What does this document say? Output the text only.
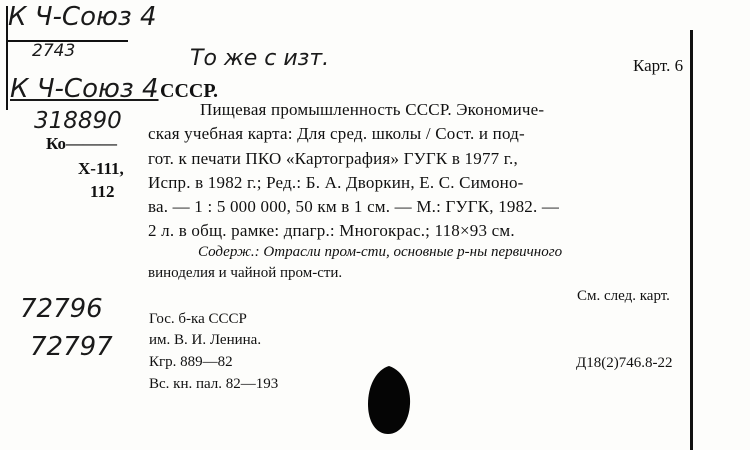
К Ч-Союз 4
2743
К Ч-Союз 4
То же с изт.	Карт. 6
СССР.
318890
Ко———
Х-111,
112
Пищевая промышленность СССР. Экономиче-
ская учебная карта: Для сред. школы / Сост. и под-
гот. к печати ПКО «Картография» ГУГК в 1977 г.,
Испр. в 1982 г.; Ред.: Б. А. Дворкин, Е. С. Симоно-
ва. — 1 : 5 000 000, 50 км в 1 см. — М.: ГУГК, 1982. —
2 л. в общ. рамке: дпагр.: Многокрас.; 118×93 см.
Содерж.: Отрасли пром-сти, основные р-ны первичного
виноделия и чайной пром-сти.
См. след. карт.
72796
72797
Гос. б-ка СССР
им. В. И. Ленина.
Кгр. 889—82
Вс. кн. пал. 82—193
Д18(2)746.8-22
